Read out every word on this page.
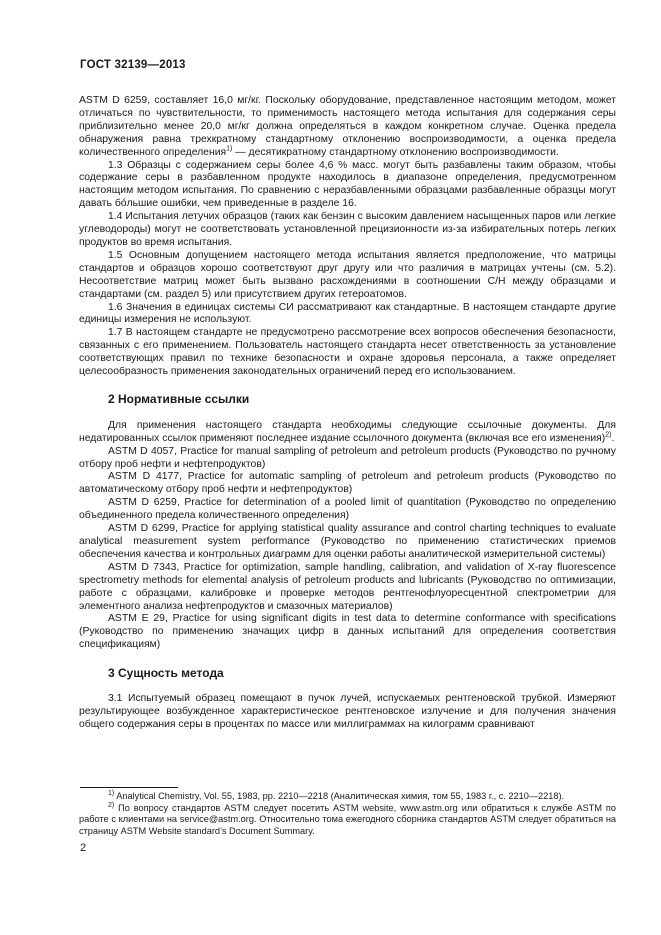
ГОСТ 32139—2013

ASTM D 6259, составляет 16,0 мг/кг. Поскольку оборудование, представленное настоящим методом, может отличаться по чувствительности, то применимость настоящего метода испытания для содержания серы приблизительно менее 20,0 мг/кг должна определяться в каждом конкретном случае. Оценка предела обнаружения равна трехкратному стандартному отклонению воспроизводимости, а оценка предела количественного определения$^{1)}$ — десятикратному стандартному отклонению воспроизводимости.

1.3 Образцы с содержанием серы более 4,6 % масс. могут быть разбавлены таким образом, чтобы содержание серы в разбавленном продукте находилось в диапазоне определения, предусмотренном настоящим методом испытания. По сравнению с неразбавленными образцами разбавленные образцы могут давать бо́льшие ошибки, чем приведенные в разделе 16.

1.4 Испытания летучих образцов (таких как бензин с высоким давлением насыщенных паров или легкие углеводороды) могут не соответствовать установленной прецизионности из-за избирательных потерь легких продуктов во время испытания.

1.5 Основным допущением настоящего метода испытания является предположение, что матрицы стандартов и образцов хорошо соответствуют друг другу или что различия в матрицах учтены (см. 5.2). Несоответствие матриц может быть вызвано расхождениями в соотношении C/H между образцами и стандартами (см. раздел 5) или присутствием других гетероатомов.

1.6 Значения в единицах системы СИ рассматривают как стандартные. В настоящем стандарте другие единицы измерения не используют.

1.7 В настоящем стандарте не предусмотрено рассмотрение всех вопросов обеспечения безопасности, связанных с его применением. Пользователь настоящего стандарта несет ответственность за установление соответствующих правил по технике безопасности и охране здоровья персонала, а также определяет целесообразность применения законодательных ограничений перед его использованием.

2 Нормативные ссылки

Для применения настоящего стандарта необходимы следующие ссылочные документы. Для недатированных ссылок применяют последнее издание ссылочного документа (включая все его изменения)$^{2)}$.

ASTM D 4057, Practice for manual sampling of petroleum and petroleum products (Руководство по ручному отбору проб нефти и нефтепродуктов)

ASTM D 4177, Practice for automatic sampling of petroleum and petroleum products (Руководство по автоматическому отбору проб нефти и нефтепродуктов)

ASTM D 6259, Practice for determination of a pooled limit of quantitation (Руководство по определению объединенного предела количественного определения)

ASTM D 6299, Practice for applying statistical quality assurance and control charting techniques to evaluate analytical measurement system performance (Руководство по применению статистических приемов обеспечения качества и контрольных диаграмм для оценки работы аналитической измерительной системы)

ASTM D 7343, Practice for optimization, sample handling, calibration, and validation of X-ray fluorescence spectrometry methods for elemental analysis of petroleum products and lubricants (Руководство по оптимизации, работе с образцами, калибровке и проверке методов рентгенофлуоресцентной спектрометрии для элементного анализа нефтепродуктов и смазочных материалов)

ASTM E 29, Practice for using significant digits in test data to determine conformance with specifications (Руководство по применению значащих цифр в данных испытаний для определения соответствия спецификациям)

3 Сущность метода

3.1 Испытуемый образец помещают в пучок лучей, испускаемых рентгеновской трубкой. Измеряют результирующее возбужденное характеристическое рентгеновское излучение и для получения значения общего содержания серы в процентах по массе или миллиграммах на килограмм сравнивают

$^{1)}$ Analytical Chemistry, Vol. 55, 1983, pp. 2210—2218 (Аналитическая химия, том 55, 1983 г., с. 2210—2218).

$^{2)}$ По вопросу стандартов ASTM следует посетить ASTM website, www.astm.org или обратиться к службе ASTM по работе с клиентами на service@astm.org. Относительно тома ежегодного сборника стандартов ASTM следует обратиться на страницу ASTM Website standard’s Document Summary.

2
